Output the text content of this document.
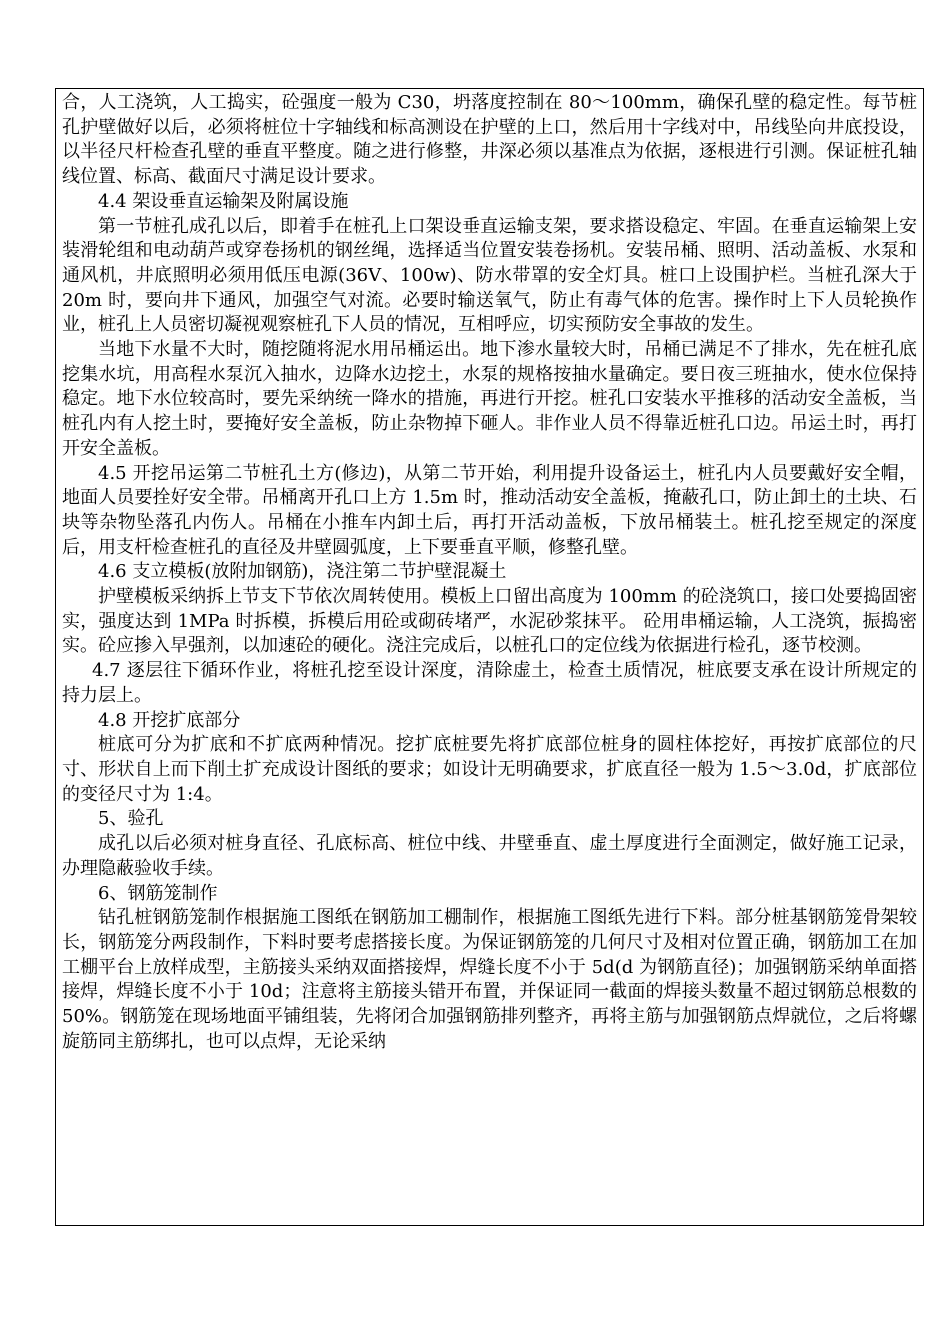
合，人工浇筑，人工捣实，砼强度一般为 C30，坍落度控制在 80～100mm，确保孔壁的稳定性。每节桩孔护壁做好以后，必须将桩位十字轴线和标高测设在护壁的上口，然后用十字线对中，吊线坠向井底投设，以半径尺杆检查孔壁的垂直平整度。随之进行修整，井深必须以基准点为依据，逐根进行引测。保证桩孔轴线位置、标高、截面尺寸满足设计要求。

4.4 架设垂直运输架及附属设施

第一节桩孔成孔以后，即着手在桩孔上口架设垂直运输支架，要求搭设稳定、牢固。在垂直运输架上安装滑轮组和电动葫芦或穿卷扬机的钢丝绳，选择适当位置安装卷扬机。安装吊桶、照明、活动盖板、水泵和通风机，井底照明必须用低压电源(36V、100w)、防水带罩的安全灯具。桩口上设围护栏。当桩孔深大于 20m 时，要向井下通风，加强空气对流。必要时输送氧气，防止有毒气体的危害。操作时上下人员轮换作业，桩孔上人员密切凝视观察桩孔下人员的情况，互相呼应，切实预防安全事故的发生。

当地下水量不大时，随挖随将泥水用吊桶运出。地下渗水量较大时，吊桶已满足不了排水，先在桩孔底挖集水坑，用高程水泵沉入抽水，边降水边挖土，水泵的规格按抽水量确定。要日夜三班抽水，使水位保持稳定。地下水位较高时，要先采纳统一降水的措施，再进行开挖。桩孔口安装水平推移的活动安全盖板，当桩孔内有人挖土时，要掩好安全盖板，防止杂物掉下砸人。非作业人员不得靠近桩孔口边。吊运土时，再打开安全盖板。

4.5 开挖吊运第二节桩孔土方(修边)，从第二节开始，利用提升设备运土，桩孔内人员要戴好安全帽，地面人员要拴好安全带。吊桶离开孔口上方 1.5m 时，推动活动安全盖板，掩蔽孔口，防止卸土的土块、石块等杂物坠落孔内伤人。吊桶在小推车内卸土后，再打开活动盖板，下放吊桶装土。桩孔挖至规定的深度后，用支杆检查桩孔的直径及井壁圆弧度，上下要垂直平顺，修整孔壁。

4.6 支立模板(放附加钢筋)，浇注第二节护壁混凝土

护壁模板采纳拆上节支下节依次周转使用。模板上口留出高度为 100mm 的砼浇筑口，接口处要捣固密实，强度达到 1MPa 时拆模，拆模后用砼或砌砖堵严，水泥砂浆抹平。 砼用串桶运输，人工浇筑，振捣密实。砼应掺入早强剂，以加速砼的硬化。浇注完成后，以桩孔口的定位线为依据进行检孔，逐节校测。

4.7 逐层往下循环作业，将桩孔挖至设计深度，清除虚土，检查土质情况，桩底要支承在设计所规定的持力层上。

4.8 开挖扩底部分

桩底可分为扩底和不扩底两种情况。挖扩底桩要先将扩底部位桩身的圆柱体挖好，再按扩底部位的尺寸、形状自上而下削土扩充成设计图纸的要求；如设计无明确要求，扩底直径一般为 1.5～3.0d，扩底部位的变径尺寸为 1:4。

5、验孔

成孔以后必须对桩身直径、孔底标高、桩位中线、井壁垂直、虚土厚度进行全面测定，做好施工记录，办理隐蔽验收手续。

6、钢筋笼制作

钻孔桩钢筋笼制作根据施工图纸在钢筋加工棚制作，根据施工图纸先进行下料。部分桩基钢筋笼骨架较长，钢筋笼分两段制作，下料时要考虑搭接长度。为保证钢筋笼的几何尺寸及相对位置正确，钢筋加工在加工棚平台上放样成型，主筋接头采纳双面搭接焊，焊缝长度不小于 5d(d 为钢筋直径)；加强钢筋采纳单面搭接焊，焊缝长度不小于 10d；注意将主筋接头错开布置，并保证同一截面的焊接头数量不超过钢筋总根数的 50%。钢筋笼在现场地面平铺组装，先将闭合加强钢筋排列整齐，再将主筋与加强钢筋点焊就位，之后将螺旋筋同主筋绑扎，也可以点焊，无论采纳
